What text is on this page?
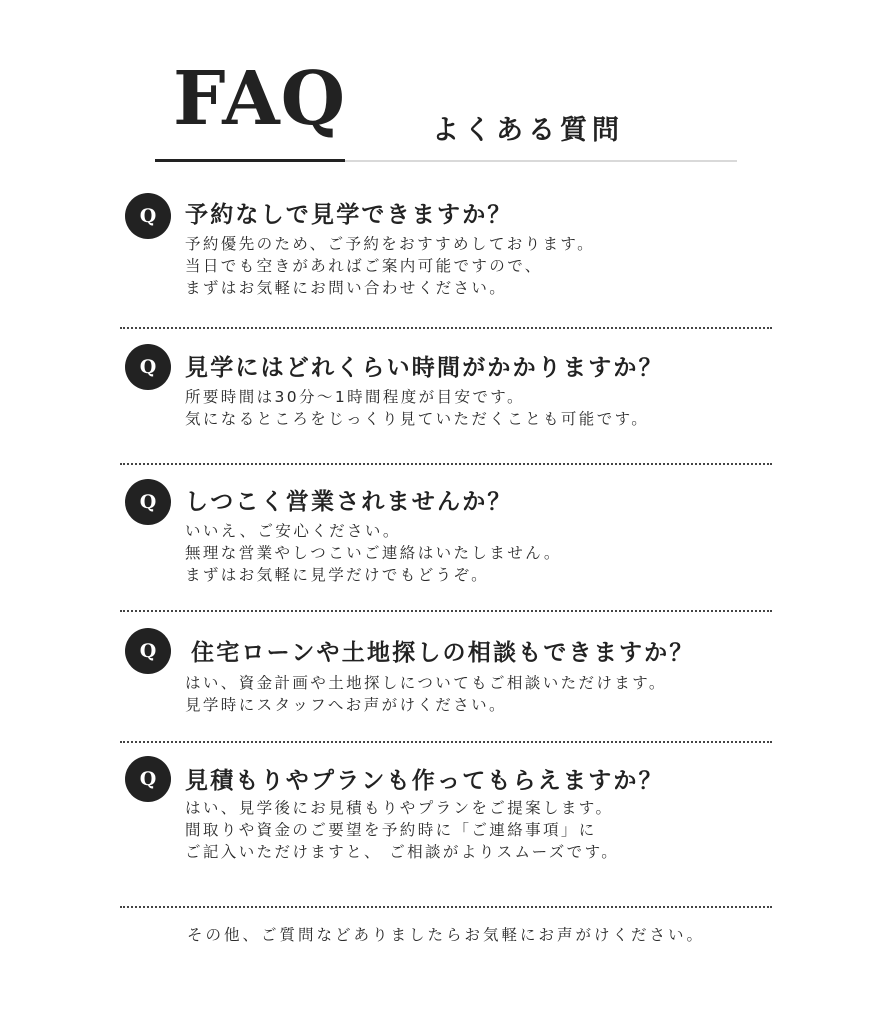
FAQ	よくある質問
Q	予約なしで見学できますか？
予約優先のため、ご予約をおすすめしております。
当日でも空きがあればご案内可能ですので、
まずはお気軽にお問い合わせください。
Q	見学にはどれくらい時間がかかりますか？
所要時間は30分～1時間程度が目安です。
気になるところをじっくり見ていただくことも可能です。
Q	しつこく営業されませんか？
いいえ、ご安心ください。
無理な営業やしつこいご連絡はいたしません。
まずはお気軽に見学だけでもどうぞ。
Q	住宅ローンや土地探しの相談もできますか？
はい、資金計画や土地探しについてもご相談いただけます。
見学時にスタッフへお声がけください。
Q	見積もりやプランも作ってもらえますか？
はい、見学後にお見積もりやプランをご提案します。
間取りや資金のご要望を予約時に「ご連絡事項」に
ご記入いただけますと、 ご相談がよりスムーズです。
その他、ご質問などありましたらお気軽にお声がけください。
